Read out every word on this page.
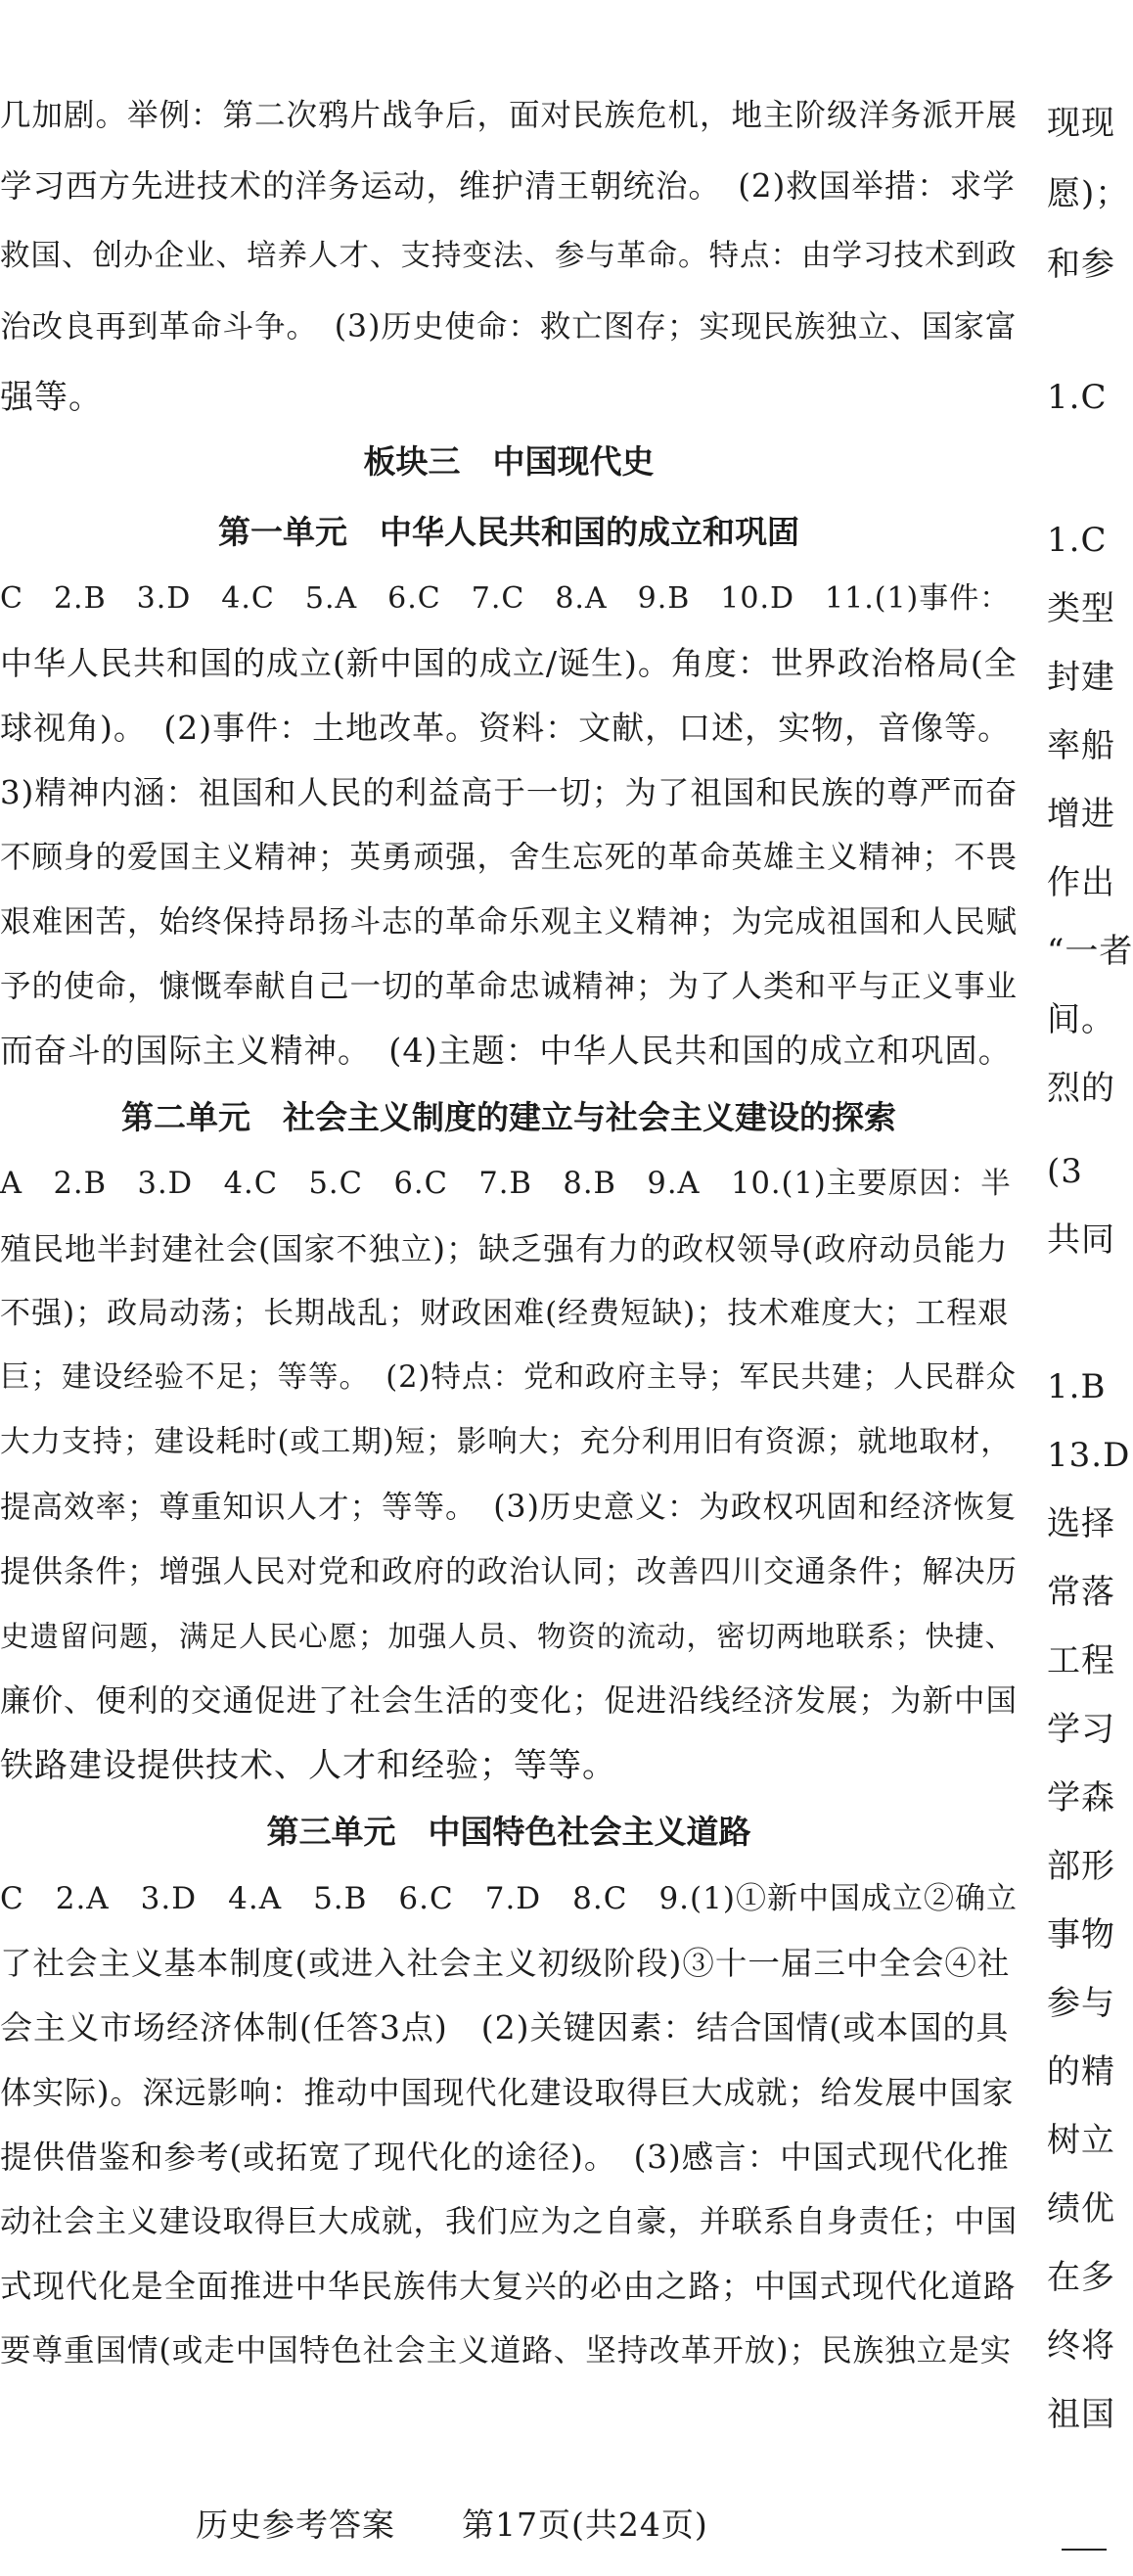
几加剧。举例：第二次鸦片战争后，面对民族危机，地主阶级洋务派开展
学习西方先进技术的洋务运动，维护清王朝统治。　(2)救国举措：求学
救国、创办企业、培养人才、支持变法、参与革命。特点：由学习技术到政
治改良再到革命斗争。　(3)历史使命：救亡图存；实现民族独立、国家富
强等。
板块三　中国现代史
第一单元　中华人民共和国的成立和巩固
C　2.B　3.D　4.C　5.A　6.C　7.C　8.A　9.B　10.D　11.(1)事件：
中华人民共和国的成立(新中国的成立/诞生)。角度：世界政治格局(全
球视角)。　(2)事件：土地改革。资料：文献，口述，实物，音像等。
3)精神内涵：祖国和人民的利益高于一切；为了祖国和民族的尊严而奋
不顾身的爱国主义精神；英勇顽强，舍生忘死的革命英雄主义精神；不畏
艰难困苦，始终保持昂扬斗志的革命乐观主义精神；为完成祖国和人民赋
予的使命，慷慨奉献自己一切的革命忠诚精神；为了人类和平与正义事业
而奋斗的国际主义精神。　(4)主题：中华人民共和国的成立和巩固。
第二单元　社会主义制度的建立与社会主义建设的探索
A　2.B　3.D　4.C　5.C　6.C　7.B　8.B　9.A　10.(1)主要原因：半
殖民地半封建社会(国家不独立)；缺乏强有力的政权领导(政府动员能力
不强)；政局动荡；长期战乱；财政困难(经费短缺)；技术难度大；工程艰
巨；建设经验不足；等等。　(2)特点：党和政府主导；军民共建；人民群众
大力支持；建设耗时(或工期)短；影响大；充分利用旧有资源；就地取材，
提高效率；尊重知识人才；等等。　(3)历史意义：为政权巩固和经济恢复
提供条件；增强人民对党和政府的政治认同；改善四川交通条件；解决历
史遗留问题，满足人民心愿；加强人员、物资的流动，密切两地联系；快捷、
廉价、便利的交通促进了社会生活的变化；促进沿线经济发展；为新中国
铁路建设提供技术、人才和经验；等等。
第三单元　中国特色社会主义道路
C　2.A　3.D　4.A　5.B　6.C　7.D　8.C　9.(1)①新中国成立②确立
了社会主义基本制度(或进入社会主义初级阶段)③十一届三中全会④社
会主义市场经济体制(任答3点)　(2)关键因素：结合国情(或本国的具
体实际)。深远影响：推动中国现代化建设取得巨大成就；给发展中国家
提供借鉴和参考(或拓宽了现代化的途径)。　(3)感言：中国式现代化推
动社会主义建设取得巨大成就，我们应为之自豪，并联系自身责任；中国
式现代化是全面推进中华民族伟大复兴的必由之路；中国式现代化道路
要尊重国情(或走中国特色社会主义道路、坚持改革开放)；民族独立是实
现现
愿)；
和参
1.C
1.C
类型
封建
率船
增进
作出
“一者
间。
烈的
(3
共同
1.B
13.D
选择
常落
工程
学习
学森
部形
事物
参与
的精
树立
绩优
在多
终将
祖国
历史参考答案　　第17页(共24页)
